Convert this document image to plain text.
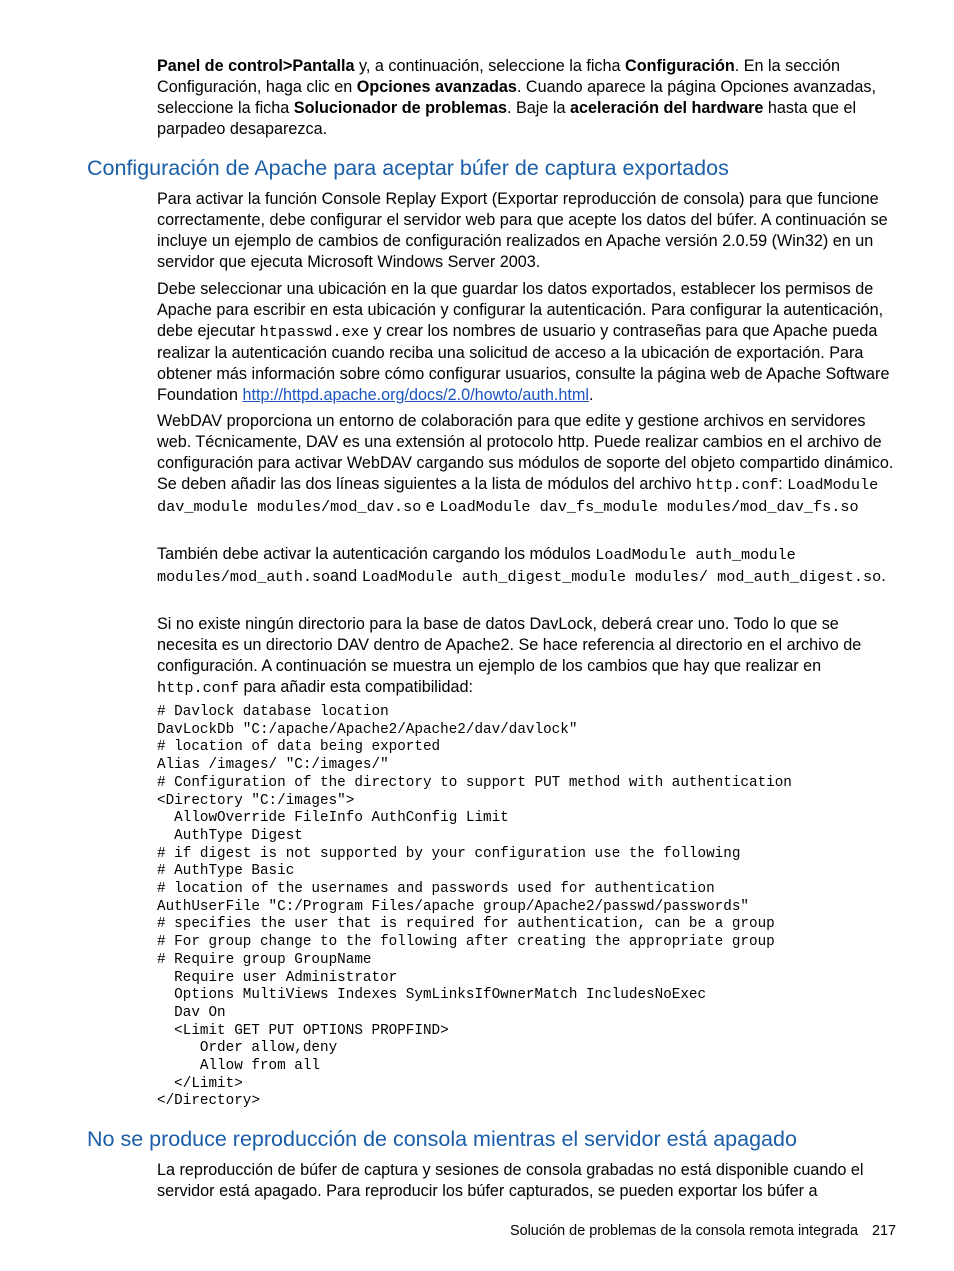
Panel de control>Pantalla y, a continuación, seleccione la ficha Configuración. En la sección Configuración, haga clic en Opciones avanzadas. Cuando aparece la página Opciones avanzadas, seleccione la ficha Solucionador de problemas. Baje la aceleración del hardware hasta que el parpadeo desaparezca.

Configuración de Apache para aceptar búfer de captura exportados

Para activar la función Console Replay Export (Exportar reproducción de consola) para que funcione correctamente, debe configurar el servidor web para que acepte los datos del búfer. A continuación se incluye un ejemplo de cambios de configuración realizados en Apache versión 2.0.59 (Win32) en un servidor que ejecuta Microsoft Windows Server 2003.

Debe seleccionar una ubicación en la que guardar los datos exportados, establecer los permisos de Apache para escribir en esta ubicación y configurar la autenticación. Para configurar la autenticación, debe ejecutar htpasswd.exe y crear los nombres de usuario y contraseñas para que Apache pueda realizar la autenticación cuando reciba una solicitud de acceso a la ubicación de exportación. Para obtener más información sobre cómo configurar usuarios, consulte la página web de Apache Software Foundation http://httpd.apache.org/docs/2.0/howto/auth.html.

WebDAV proporciona un entorno de colaboración para que edite y gestione archivos en servidores web. Técnicamente, DAV es una extensión al protocolo http. Puede realizar cambios en el archivo de configuración para activar WebDAV cargando sus módulos de soporte del objeto compartido dinámico. Se deben añadir las dos líneas siguientes a la lista de módulos del archivo http.conf: LoadModule dav_module modules/mod_dav.so e LoadModule dav_fs_module modules/mod_dav_fs.so

También debe activar la autenticación cargando los módulos LoadModule auth_module modules/mod_auth.soand LoadModule auth_digest_module modules/ mod_auth_digest.so.

Si no existe ningún directorio para la base de datos DavLock, deberá crear uno. Todo lo que se necesita es un directorio DAV dentro de Apache2. Se hace referencia al directorio en el archivo de configuración. A continuación se muestra un ejemplo de los cambios que hay que realizar en http.conf para añadir esta compatibilidad:

# Davlock database location
DavLockDb "C:/apache/Apache2/Apache2/dav/davlock"
# location of data being exported
Alias /images/ "C:/images/"
# Configuration of the directory to support PUT method with authentication
<Directory "C:/images">
AllowOverride FileInfo AuthConfig Limit
AuthType Digest
# if digest is not supported by your configuration use the following
# AuthType Basic
# location of the usernames and passwords used for authentication
AuthUserFile "C:/Program Files/apache group/Apache2/passwd/passwords"
# specifies the user that is required for authentication, can be a group
# For group change to the following after creating the appropriate group
# Require group GroupName
Require user Administrator
Options MultiViews Indexes SymLinksIfOwnerMatch IncludesNoExec
Dav On
<Limit GET PUT OPTIONS PROPFIND>
Order allow,deny
Allow from all
</Limit>
</Directory>
No se produce reproducción de consola mientras el servidor está apagado

La reproducción de búfer de captura y sesiones de consola grabadas no está disponible cuando el servidor está apagado. Para reproducir los búfer capturados, se pueden exportar los búfer a

Solución de problemas de la consola remota integrada 217
